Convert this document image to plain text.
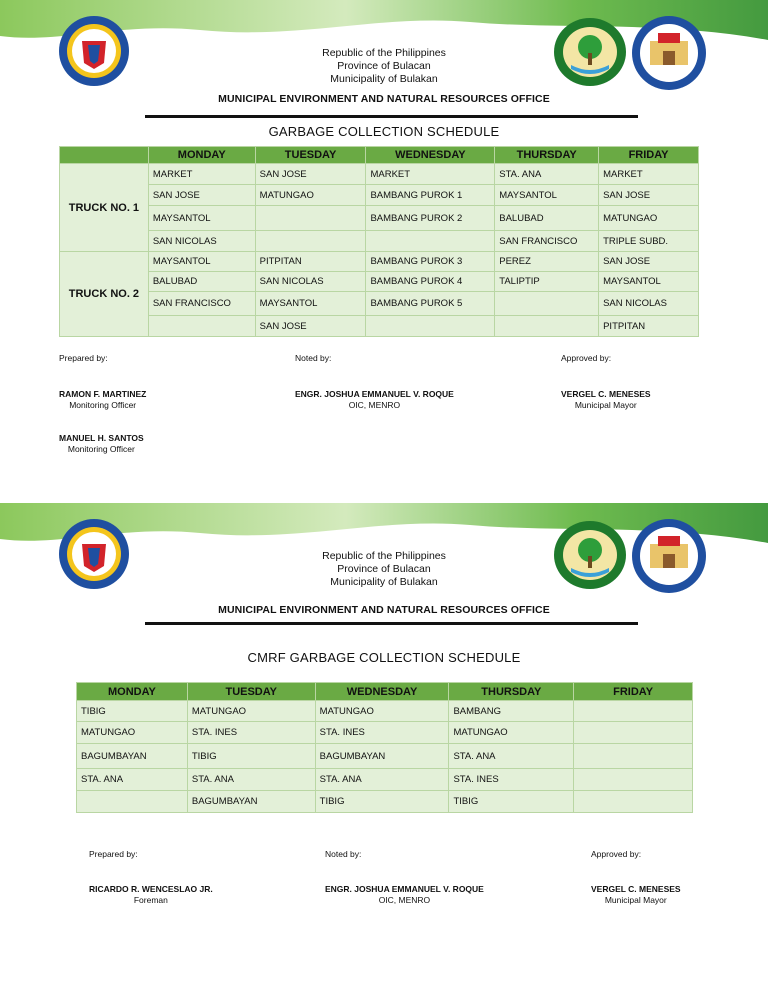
Republic of the Philippines
Province of Bulacan
Municipality of Bulakan
MUNICIPAL ENVIRONMENT AND NATURAL RESOURCES OFFICE
GARBAGE COLLECTION SCHEDULE
	MONDAY	TUESDAY	WEDNESDAY	THURSDAY	FRIDAY
TRUCK NO. 1	MARKET	SAN JOSE	MARKET	STA. ANA	MARKET
	SAN JOSE	MATUNGAO	BAMBANG PUROK 1	MAYSANTOL	SAN JOSE
	MAYSANTOL		BAMBANG PUROK 2	BALUBAD	MATUNGAO
	SAN NICOLAS			SAN FRANCISCO	TRIPLE SUBD.
TRUCK NO. 2	MAYSANTOL	PITPITAN	BAMBANG PUROK 3	PEREZ	SAN JOSE
	BALUBAD	SAN NICOLAS	BAMBANG PUROK 4	TALIPTIP	MAYSANTOL
	SAN FRANCISCO	MAYSANTOL	BAMBANG PUROK 5		SAN NICOLAS
		SAN JOSE			PITPITAN
Prepared by:	Noted by:	Approved by:
RAMON F. MARTINEZ
Monitoring Officer
ENGR. JOSHUA EMMANUEL V. ROQUE
OIC, MENRO
VERGEL C. MENESES
Municipal Mayor
MANUEL H. SANTOS
Monitoring Officer
Republic of the Philippines
Province of Bulacan
Municipality of Bulakan
MUNICIPAL ENVIRONMENT AND NATURAL RESOURCES OFFICE
CMRF GARBAGE COLLECTION SCHEDULE
MONDAY	TUESDAY	WEDNESDAY	THURSDAY	FRIDAY
TIBIG	MATUNGAO	MATUNGAO	BAMBANG	
MATUNGAO	STA. INES	STA. INES	MATUNGAO	
BAGUMBAYAN	TIBIG	BAGUMBAYAN	STA. ANA	
STA. ANA	STA. ANA	STA. ANA	STA. INES	
	BAGUMBAYAN	TIBIG	TIBIG	
Prepared by:	Noted by:	Approved by:
RICARDO R. WENCESLAO JR.
Foreman
ENGR. JOSHUA EMMANUEL V. ROQUE
OIC, MENRO
VERGEL C. MENESES
Municipal Mayor
